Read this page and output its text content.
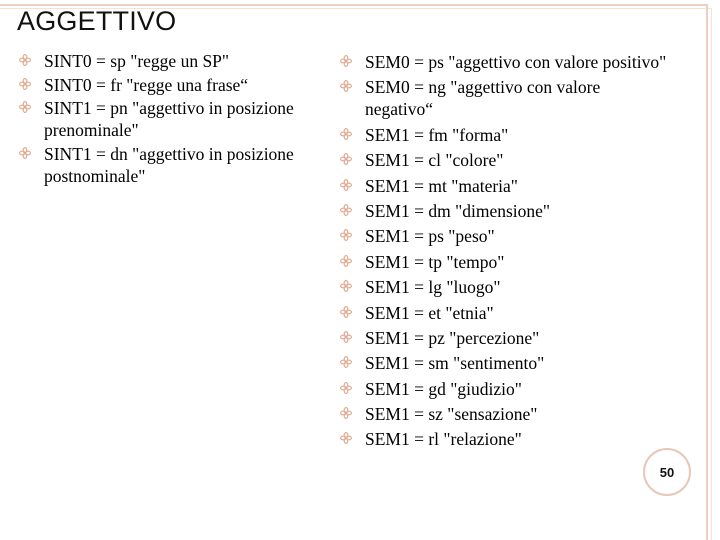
AGGETTIVO
SINT0 = sp "regge un SP"
SINT0 = fr "regge una frase“
SINT1 = pn "aggettivo in posizione prenominale"
SINT1 = dn "aggettivo in posizione postnominale"
SEM0 = ps "aggettivo con valore positivo"
SEM0 = ng "aggettivo con valore negativo“
SEM1 = fm "forma"
SEM1 = cl "colore"
SEM1 = mt "materia"
SEM1 = dm "dimensione"
SEM1 = ps "peso"
SEM1 = tp "tempo"
SEM1 = lg "luogo"
SEM1 = et "etnia"
SEM1 = pz "percezione"
SEM1 = sm "sentimento"
SEM1 = gd "giudizio"
SEM1 = sz "sensazione"
SEM1 = rl "relazione"
50
